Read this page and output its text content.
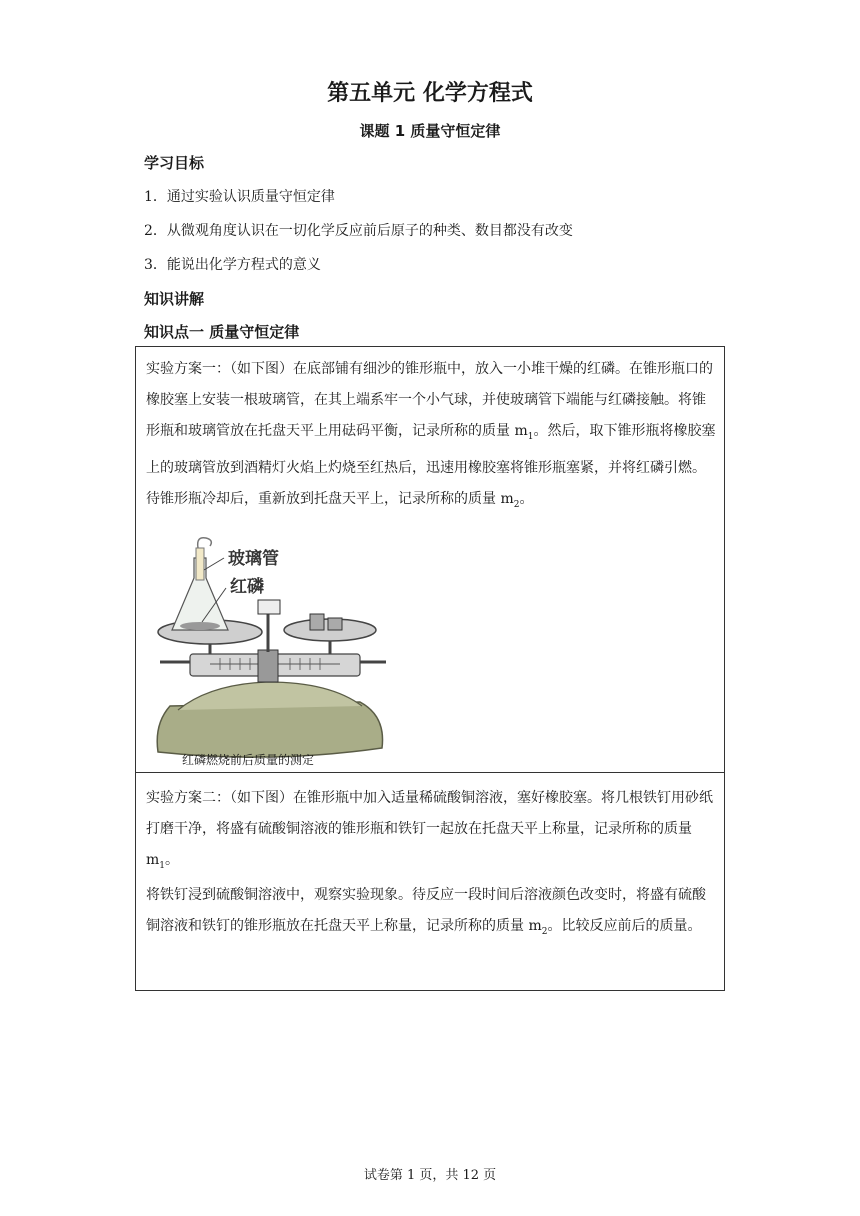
第五单元 化学方程式
课题 1 质量守恒定律
学习目标
1．通过实验认识质量守恒定律
2．从微观角度认识在一切化学反应前后原子的种类、数目都没有改变
3．能说出化学方程式的意义
知识讲解
知识点一 质量守恒定律

实验方案一：（如下图）在底部铺有细沙的锥形瓶中，放入一小堆干燥的红磷。在锥形瓶口的橡胶塞上安装一根玻璃管，在其上端系牢一个小气球，并使玻璃管下端能与红磷接触。将锥形瓶和玻璃管放在托盘天平上用砝码平衡，记录所称的质量 $m_1$。然后，取下锥形瓶将橡胶塞上的玻璃管放到酒精灯火焰上灼烧至红热后，迅速用橡胶塞将锥形瓶塞紧，并将红磷引燃。待锥形瓶冷却后，重新放到托盘天平上，记录所称的质量 $m_2$。

玻璃管
红磷
红磷燃烧前后质量的测定

实验方案二：（如下图）在锥形瓶中加入适量稀硫酸铜溶液，塞好橡胶塞。将几根铁钉用砂纸打磨干净，将盛有硫酸铜溶液的锥形瓶和铁钉一起放在托盘天平上称量，记录所称的质量 $m_1$。

将铁钉浸到硫酸铜溶液中，观察实验现象。待反应一段时间后溶液颜色改变时，将盛有硫酸铜溶液和铁钉的锥形瓶放在托盘天平上称量，记录所称的质量 $m_2$。比较反应前后的质量。

试卷第 1 页，共 12 页
